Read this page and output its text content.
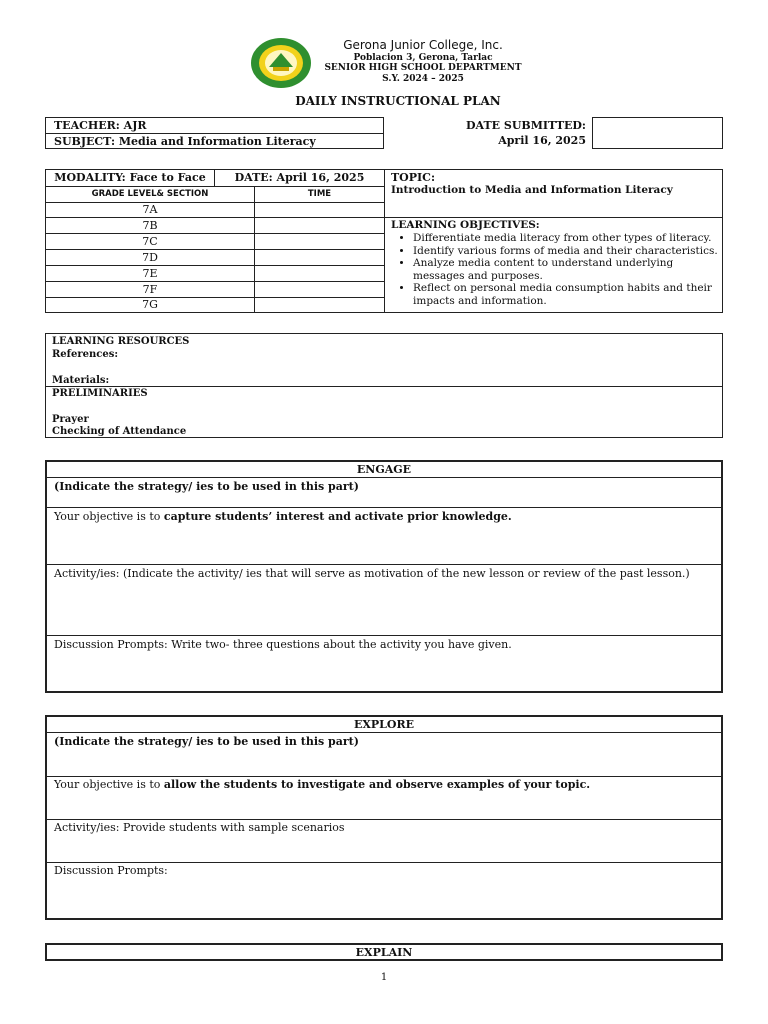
Gerona Junior College, Inc.
Poblacion 3, Gerona, Tarlac
SENIOR HIGH SCHOOL DEPARTMENT
S.Y. 2024 – 2025
DAILY INSTRUCTIONAL PLAN
TEACHER: AJR
SUBJECT: Media and Information Literacy
DATE SUBMITTED:
April 16, 2025
MODALITY: Face to Face	DATE: April 16, 2025
GRADE LEVEL& SECTION	TIME
7A
7B
7C
7D
7E
7F
7G
TOPIC:
Introduction to Media and Information Literacy
LEARNING OBJECTIVES:
• Differentiate media literacy from other types of literacy.
• Identify various forms of media and their characteristics.
• Analyze media content to understand underlying messages and purposes.
• Reflect on personal media consumption habits and their impacts and information.
LEARNING RESOURCES
References:
Materials:
PRELIMINARIES
Prayer
Checking of Attendance
ENGAGE
(Indicate the strategy/ ies to be used in this part)
Your objective is to capture students’ interest and activate prior knowledge.
Activity/ies: (Indicate the activity/ ies that will serve as motivation of the new lesson or review of the past lesson.)
Discussion Prompts: Write two- three questions about the activity you have given.
EXPLORE
(Indicate the strategy/ ies to be used in this part)
Your objective is to allow the students to investigate and observe examples of your topic.
Activity/ies: Provide students with sample scenarios
Discussion Prompts:
EXPLAIN
1
